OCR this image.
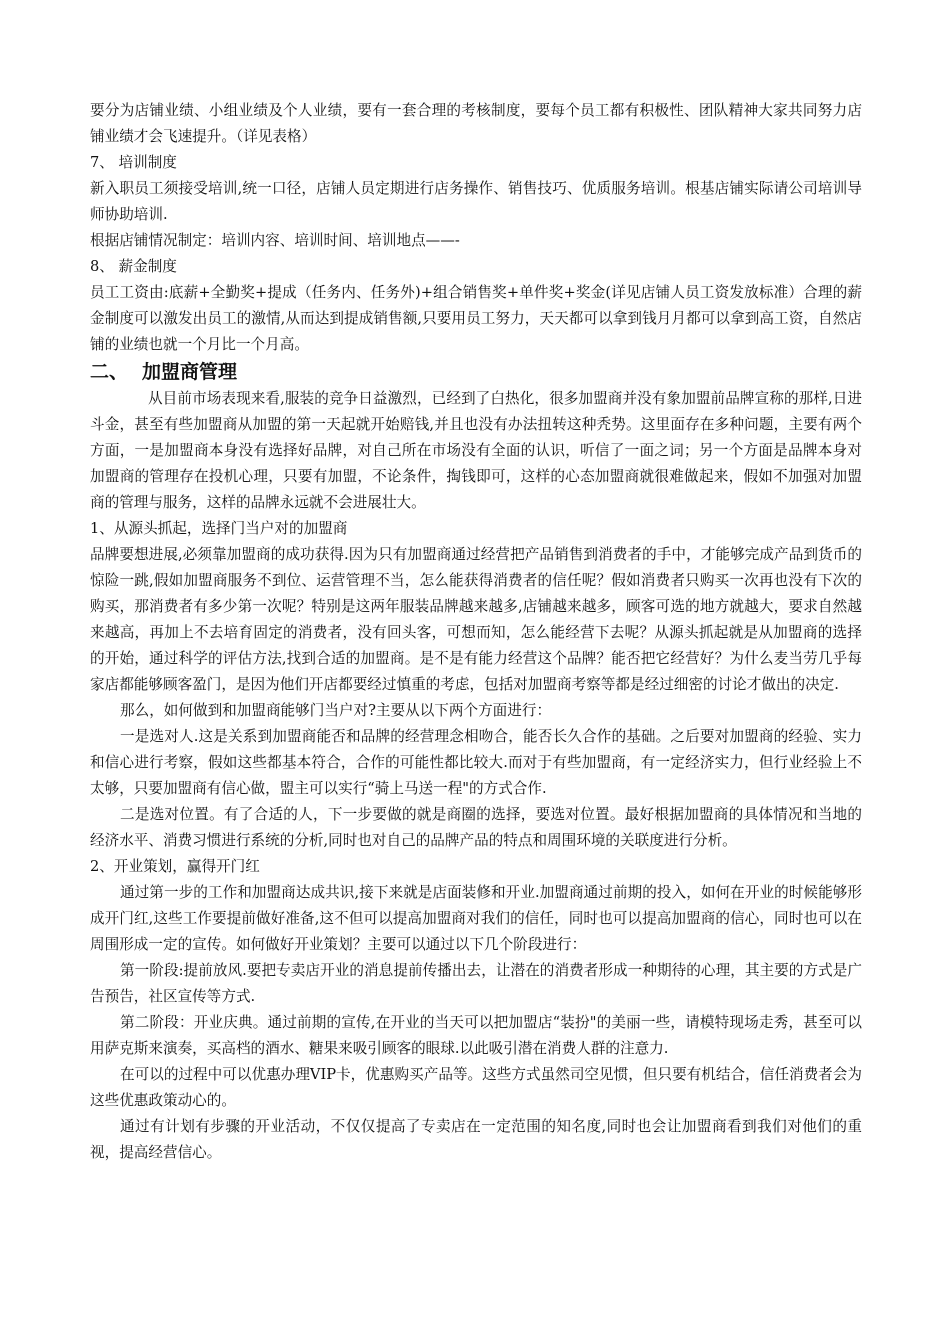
要分为店铺业绩、小组业绩及个人业绩，要有一套合理的考核制度，要每个员工都有积极性、团队精神大家共同努力店铺业绩才会飞速提升。（详见表格）

7、 培训制度

新入职员工须接受培训,统一口径，店铺人员定期进行店务操作、销售技巧、优质服务培训。根基店铺实际请公司培训导师协助培训.

根据店铺情况制定：培训内容、培训时间、培训地点——-

8、 薪金制度

员工工资由:底薪+全勤奖+提成（任务内、任务外)+组合销售奖+单件奖+奖金(详见店铺人员工资发放标准）合理的薪金制度可以激发出员工的激情,从而达到提成销售额,只要用员工努力，天天都可以拿到钱月月都可以拿到高工资，自然店铺的业绩也就一个月比一个月高。

二、 加盟商管理

从目前市场表现来看,服装的竞争日益激烈，已经到了白热化，很多加盟商并没有象加盟前品牌宣称的那样,日进斗金，甚至有些加盟商从加盟的第一天起就开始赔钱,并且也没有办法扭转这种秃势。这里面存在多种问题，主要有两个方面，一是加盟商本身没有选择好品牌，对自己所在市场没有全面的认识，听信了一面之词；另一个方面是品牌本身对加盟商的管理存在投机心理，只要有加盟，不论条件，掏钱即可，这样的心态加盟商就很难做起来，假如不加强对加盟商的管理与服务，这样的品牌永远就不会进展壮大。

1、从源头抓起，选择门当户对的加盟商

品牌要想进展,必须靠加盟商的成功获得.因为只有加盟商通过经营把产品销售到消费者的手中，才能够完成产品到货币的惊险一跳,假如加盟商服务不到位、运营管理不当，怎么能获得消费者的信任呢？假如消费者只购买一次再也没有下次的购买，那消费者有多少第一次呢？特别是这两年服装品牌越来越多,店铺越来越多，顾客可选的地方就越大，要求自然越来越高，再加上不去培育固定的消费者，没有回头客，可想而知，怎么能经营下去呢？从源头抓起就是从加盟商的选择的开始，通过科学的评估方法,找到合适的加盟商。是不是有能力经营这个品牌？能否把它经营好？为什么麦当劳几乎每家店都能够顾客盈门，是因为他们开店都要经过慎重的考虑，包括对加盟商考察等都是经过细密的讨论才做出的决定.

那么，如何做到和加盟商能够门当户对?主要从以下两个方面进行：

一是选对人.这是关系到加盟商能否和品牌的经营理念相吻合，能否长久合作的基础。之后要对加盟商的经验、实力和信心进行考察，假如这些都基本符合，合作的可能性都比较大.而对于有些加盟商，有一定经济实力，但行业经验上不太够，只要加盟商有信心做，盟主可以实行“骑上马送一程"的方式合作.

二是选对位置。有了合适的人，下一步要做的就是商圈的选择，要选对位置。最好根据加盟商的具体情况和当地的经济水平、消费习惯进行系统的分析,同时也对自己的品牌产品的特点和周围环境的关联度进行分析。

2、开业策划，赢得开门红

通过第一步的工作和加盟商达成共识,接下来就是店面装修和开业.加盟商通过前期的投入，如何在开业的时候能够形成开门红,这些工作要提前做好准备,这不但可以提高加盟商对我们的信任，同时也可以提高加盟商的信心，同时也可以在周围形成一定的宣传。如何做好开业策划？主要可以通过以下几个阶段进行：

第一阶段:提前放风.要把专卖店开业的消息提前传播出去，让潜在的消费者形成一种期待的心理，其主要的方式是广告预告，社区宣传等方式.

第二阶段：开业庆典。通过前期的宣传,在开业的当天可以把加盟店“装扮"的美丽一些，请模特现场走秀，甚至可以用萨克斯来演奏，买高档的酒水、糖果来吸引顾客的眼球.以此吸引潜在消费人群的注意力.

在可以的过程中可以优惠办理VIP卡，优惠购买产品等。这些方式虽然司空见惯，但只要有机结合，信任消费者会为这些优惠政策动心的。

通过有计划有步骤的开业活动，不仅仅提高了专卖店在一定范围的知名度,同时也会让加盟商看到我们对他们的重视，提高经营信心。
